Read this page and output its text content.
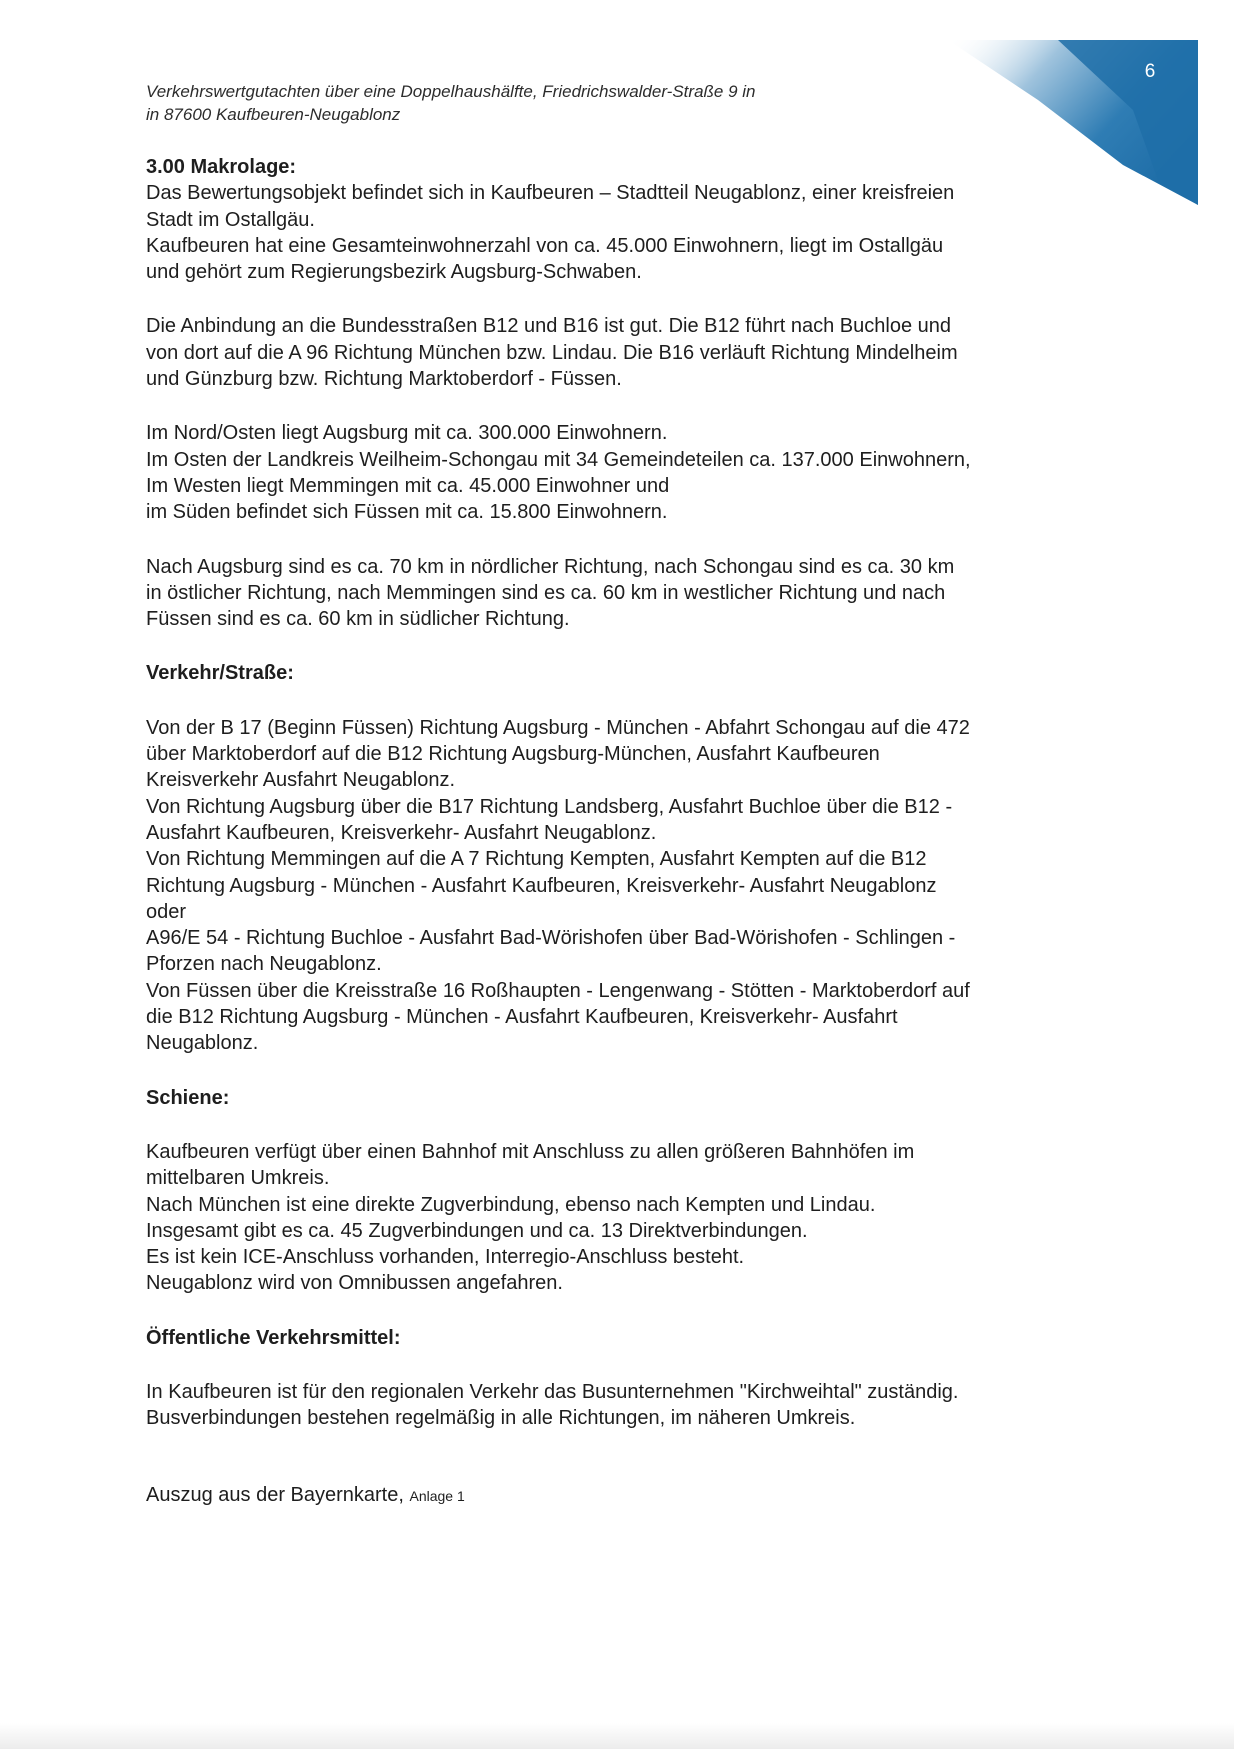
Verkehrswertgutachten über eine Doppelhaushälfte, Friedrichswalder-Straße 9 in
in 87600 Kaufbeuren-Neugablonz
6
3.00 Makrolage:
Das Bewertungsobjekt befindet sich in Kaufbeuren – Stadtteil Neugablonz, einer kreisfreien
Stadt im Ostallgäu.
Kaufbeuren hat eine Gesamteinwohnerzahl von ca. 45.000 Einwohnern, liegt im Ostallgäu
und gehört zum Regierungsbezirk Augsburg-Schwaben.
Die Anbindung an die Bundesstraßen B12 und B16 ist gut. Die B12 führt nach Buchloe und
von dort auf die A 96 Richtung München bzw. Lindau. Die B16 verläuft Richtung Mindelheim
und Günzburg bzw. Richtung Marktoberdorf - Füssen.
Im Nord/Osten liegt Augsburg mit ca. 300.000 Einwohnern.
Im Osten der Landkreis Weilheim-Schongau mit 34 Gemeindeteilen ca. 137.000 Einwohnern,
Im Westen liegt Memmingen mit ca. 45.000 Einwohner und
im Süden befindet sich Füssen mit ca. 15.800 Einwohnern.
Nach Augsburg sind es ca. 70 km in nördlicher Richtung, nach Schongau sind es ca. 30 km
in östlicher Richtung, nach Memmingen sind es ca. 60 km in westlicher Richtung und nach
Füssen sind es ca. 60 km in südlicher Richtung.
Verkehr/Straße:
Von der B 17 (Beginn Füssen) Richtung Augsburg - München - Abfahrt Schongau auf die 472
über Marktoberdorf auf die B12 Richtung Augsburg-München, Ausfahrt Kaufbeuren
Kreisverkehr Ausfahrt Neugablonz.
Von Richtung Augsburg über die B17 Richtung Landsberg, Ausfahrt Buchloe über die B12 -
Ausfahrt Kaufbeuren, Kreisverkehr- Ausfahrt Neugablonz.
Von Richtung Memmingen auf die A 7 Richtung Kempten, Ausfahrt Kempten auf die B12
Richtung Augsburg - München - Ausfahrt Kaufbeuren, Kreisverkehr- Ausfahrt Neugablonz
oder
A96/E 54 - Richtung Buchloe - Ausfahrt Bad-Wörishofen über Bad-Wörishofen - Schlingen -
Pforzen nach Neugablonz.
Von Füssen über die Kreisstraße 16 Roßhaupten - Lengenwang - Stötten - Marktoberdorf auf
die B12 Richtung Augsburg - München - Ausfahrt Kaufbeuren, Kreisverkehr- Ausfahrt
Neugablonz.
Schiene:
Kaufbeuren verfügt über einen Bahnhof mit Anschluss zu allen größeren Bahnhöfen im
mittelbaren Umkreis.
Nach München ist eine direkte Zugverbindung, ebenso nach Kempten und Lindau.
Insgesamt gibt es ca. 45 Zugverbindungen und ca. 13 Direktverbindungen.
Es ist kein ICE-Anschluss vorhanden, Interregio-Anschluss besteht.
Neugablonz wird von Omnibussen angefahren.
Öffentliche Verkehrsmittel:
In Kaufbeuren ist für den regionalen Verkehr das Busunternehmen "Kirchweihtal" zuständig.
Busverbindungen bestehen regelmäßig in alle Richtungen, im näheren Umkreis.
Auszug aus der Bayernkarte, Anlage 1
